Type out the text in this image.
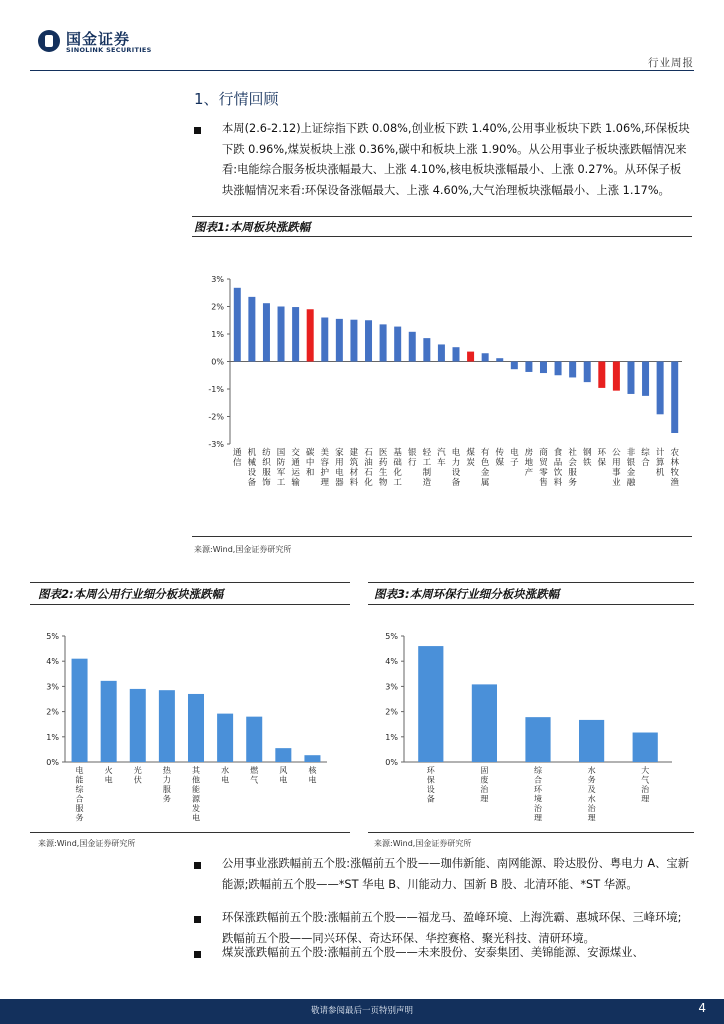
国金证券
SINOLINK SECURITIES
行业周报
1、行情回顾
本周(2.6-2.12)上证综指下跌 0.08%,创业板下跌 1.40%,公用事业板块下跌 1.06%,环保板块下跌 0.96%,煤炭板块上涨 0.36%,碳中和板块上涨 1.90%。从公用事业子板块涨跌幅情况来看:电能综合服务板块涨幅最大、上涨 4.10%,核电板块涨幅最小、上涨 0.27%。从环保子板块涨幅情况来看:环保设备涨幅最大、上涨 4.60%,大气治理板块涨幅最小、上涨 1.17%。
图表1:本周板块涨跌幅
3%
2%
1%
0%
-1%
-2%
-3%
通信
机械设备
纺织服饰
国防军工
交通运输
碳中和
美容护理
家用电器
建筑材料
石油石化
医药生物
基础化工
银行
轻工制造
汽车
电力设备
煤炭
有色金属
传媒
电子
房地产
商贸零售
食品饮料
社会服务
钢铁
环保
公用事业
非银金融
综合
计算机
农林牧渔
来源:Wind,国金证券研究所
图表2:本周公用行业细分板块涨跌幅
5%
4%
3%
2%
1%
0%
电能综合服务
火电
光伏
热力服务
其他能源发电
水电
燃气
风电
核电
来源:Wind,国金证券研究所
图表3:本周环保行业细分板块涨跌幅
5%
4%
3%
2%
1%
0%
环保设备
固废治理
综合环境治理
水务及水治理
大气治理
来源:Wind,国金证券研究所
公用事业涨跌幅前五个股:涨幅前五个股——珈伟新能、南网能源、聆达股份、粤电力 A、宝新能源;跌幅前五个股——*ST 华电 B、川能动力、国新 B 股、北清环能、*ST 华源。
环保涨跌幅前五个股:涨幅前五个股——福龙马、盈峰环境、上海洗霸、惠城环保、三峰环境;跌幅前五个股——同兴环保、奇达环保、华控赛格、聚光科技、清研环境。
煤炭涨跌幅前五个股:涨幅前五个股——未来股份、安泰集团、美锦能源、安源煤业、
敬请参阅最后一页特别声明	4
